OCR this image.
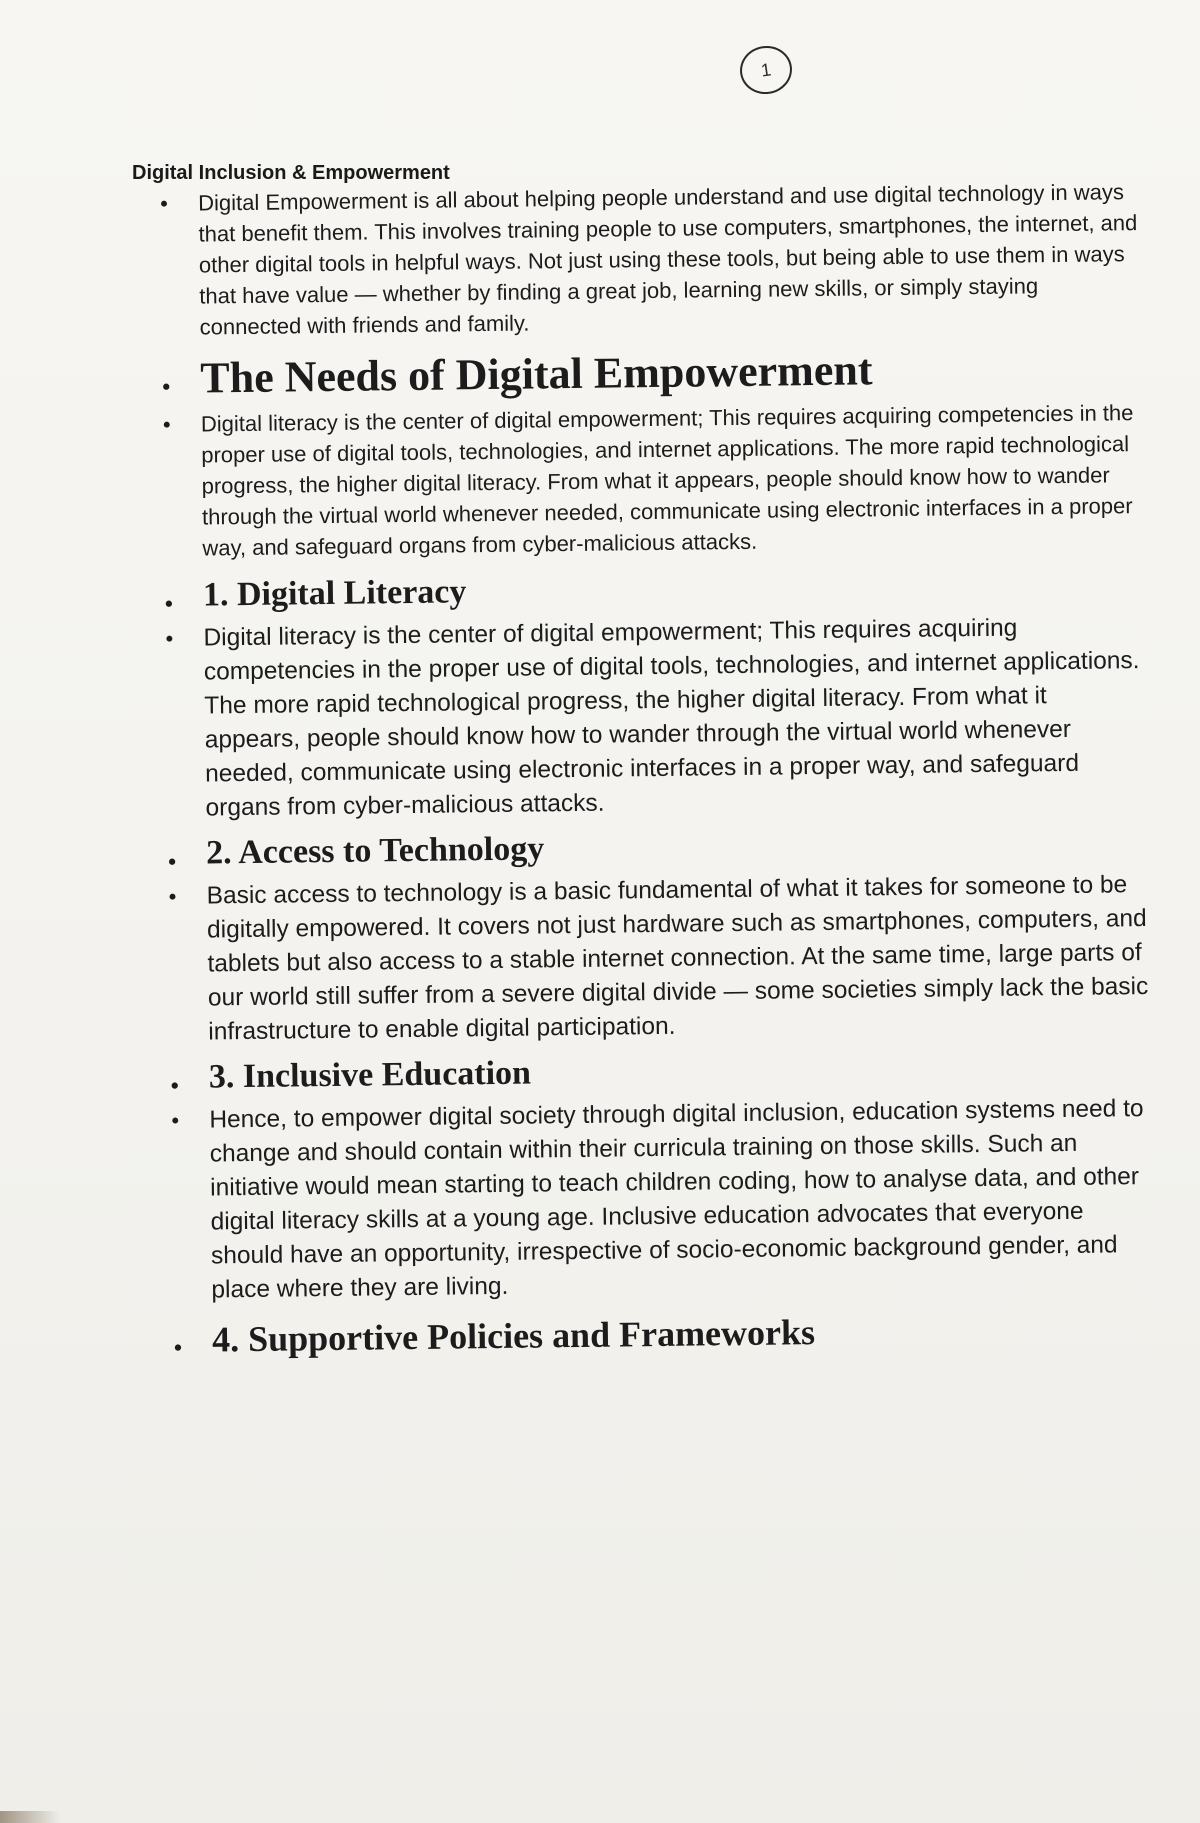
1
Digital Inclusion & Empowerment
• Digital Empowerment is all about helping people understand and use digital technology in ways that benefit them. This involves training people to use computers, smartphones, the internet, and other digital tools in helpful ways. Not just using these tools, but being able to use them in ways that have value — whether by finding a great job, learning new skills, or simply staying connected with friends and family.
• The Needs of Digital Empowerment
• Digital literacy is the center of digital empowerment; This requires acquiring competencies in the proper use of digital tools, technologies, and internet applications. The more rapid technological progress, the higher digital literacy. From what it appears, people should know how to wander through the virtual world whenever needed, communicate using electronic interfaces in a proper way, and safeguard organs from cyber-malicious attacks.
• 1. Digital Literacy
• Digital literacy is the center of digital empowerment; This requires acquiring competencies in the proper use of digital tools, technologies, and internet applications. The more rapid technological progress, the higher digital literacy. From what it appears, people should know how to wander through the virtual world whenever needed, communicate using electronic interfaces in a proper way, and safeguard organs from cyber-malicious attacks.
• 2. Access to Technology
• Basic access to technology is a basic fundamental of what it takes for someone to be digitally empowered. It covers not just hardware such as smartphones, computers, and tablets but also access to a stable internet connection. At the same time, large parts of our world still suffer from a severe digital divide — some societies simply lack the basic infrastructure to enable digital participation.
• 3. Inclusive Education
• Hence, to empower digital society through digital inclusion, education systems need to change and should contain within their curricula training on those skills. Such an initiative would mean starting to teach children coding, how to analyse data, and other digital literacy skills at a young age. Inclusive education advocates that everyone should have an opportunity, irrespective of socio-economic background gender, and place where they are living.
• 4. Supportive Policies and Frameworks
